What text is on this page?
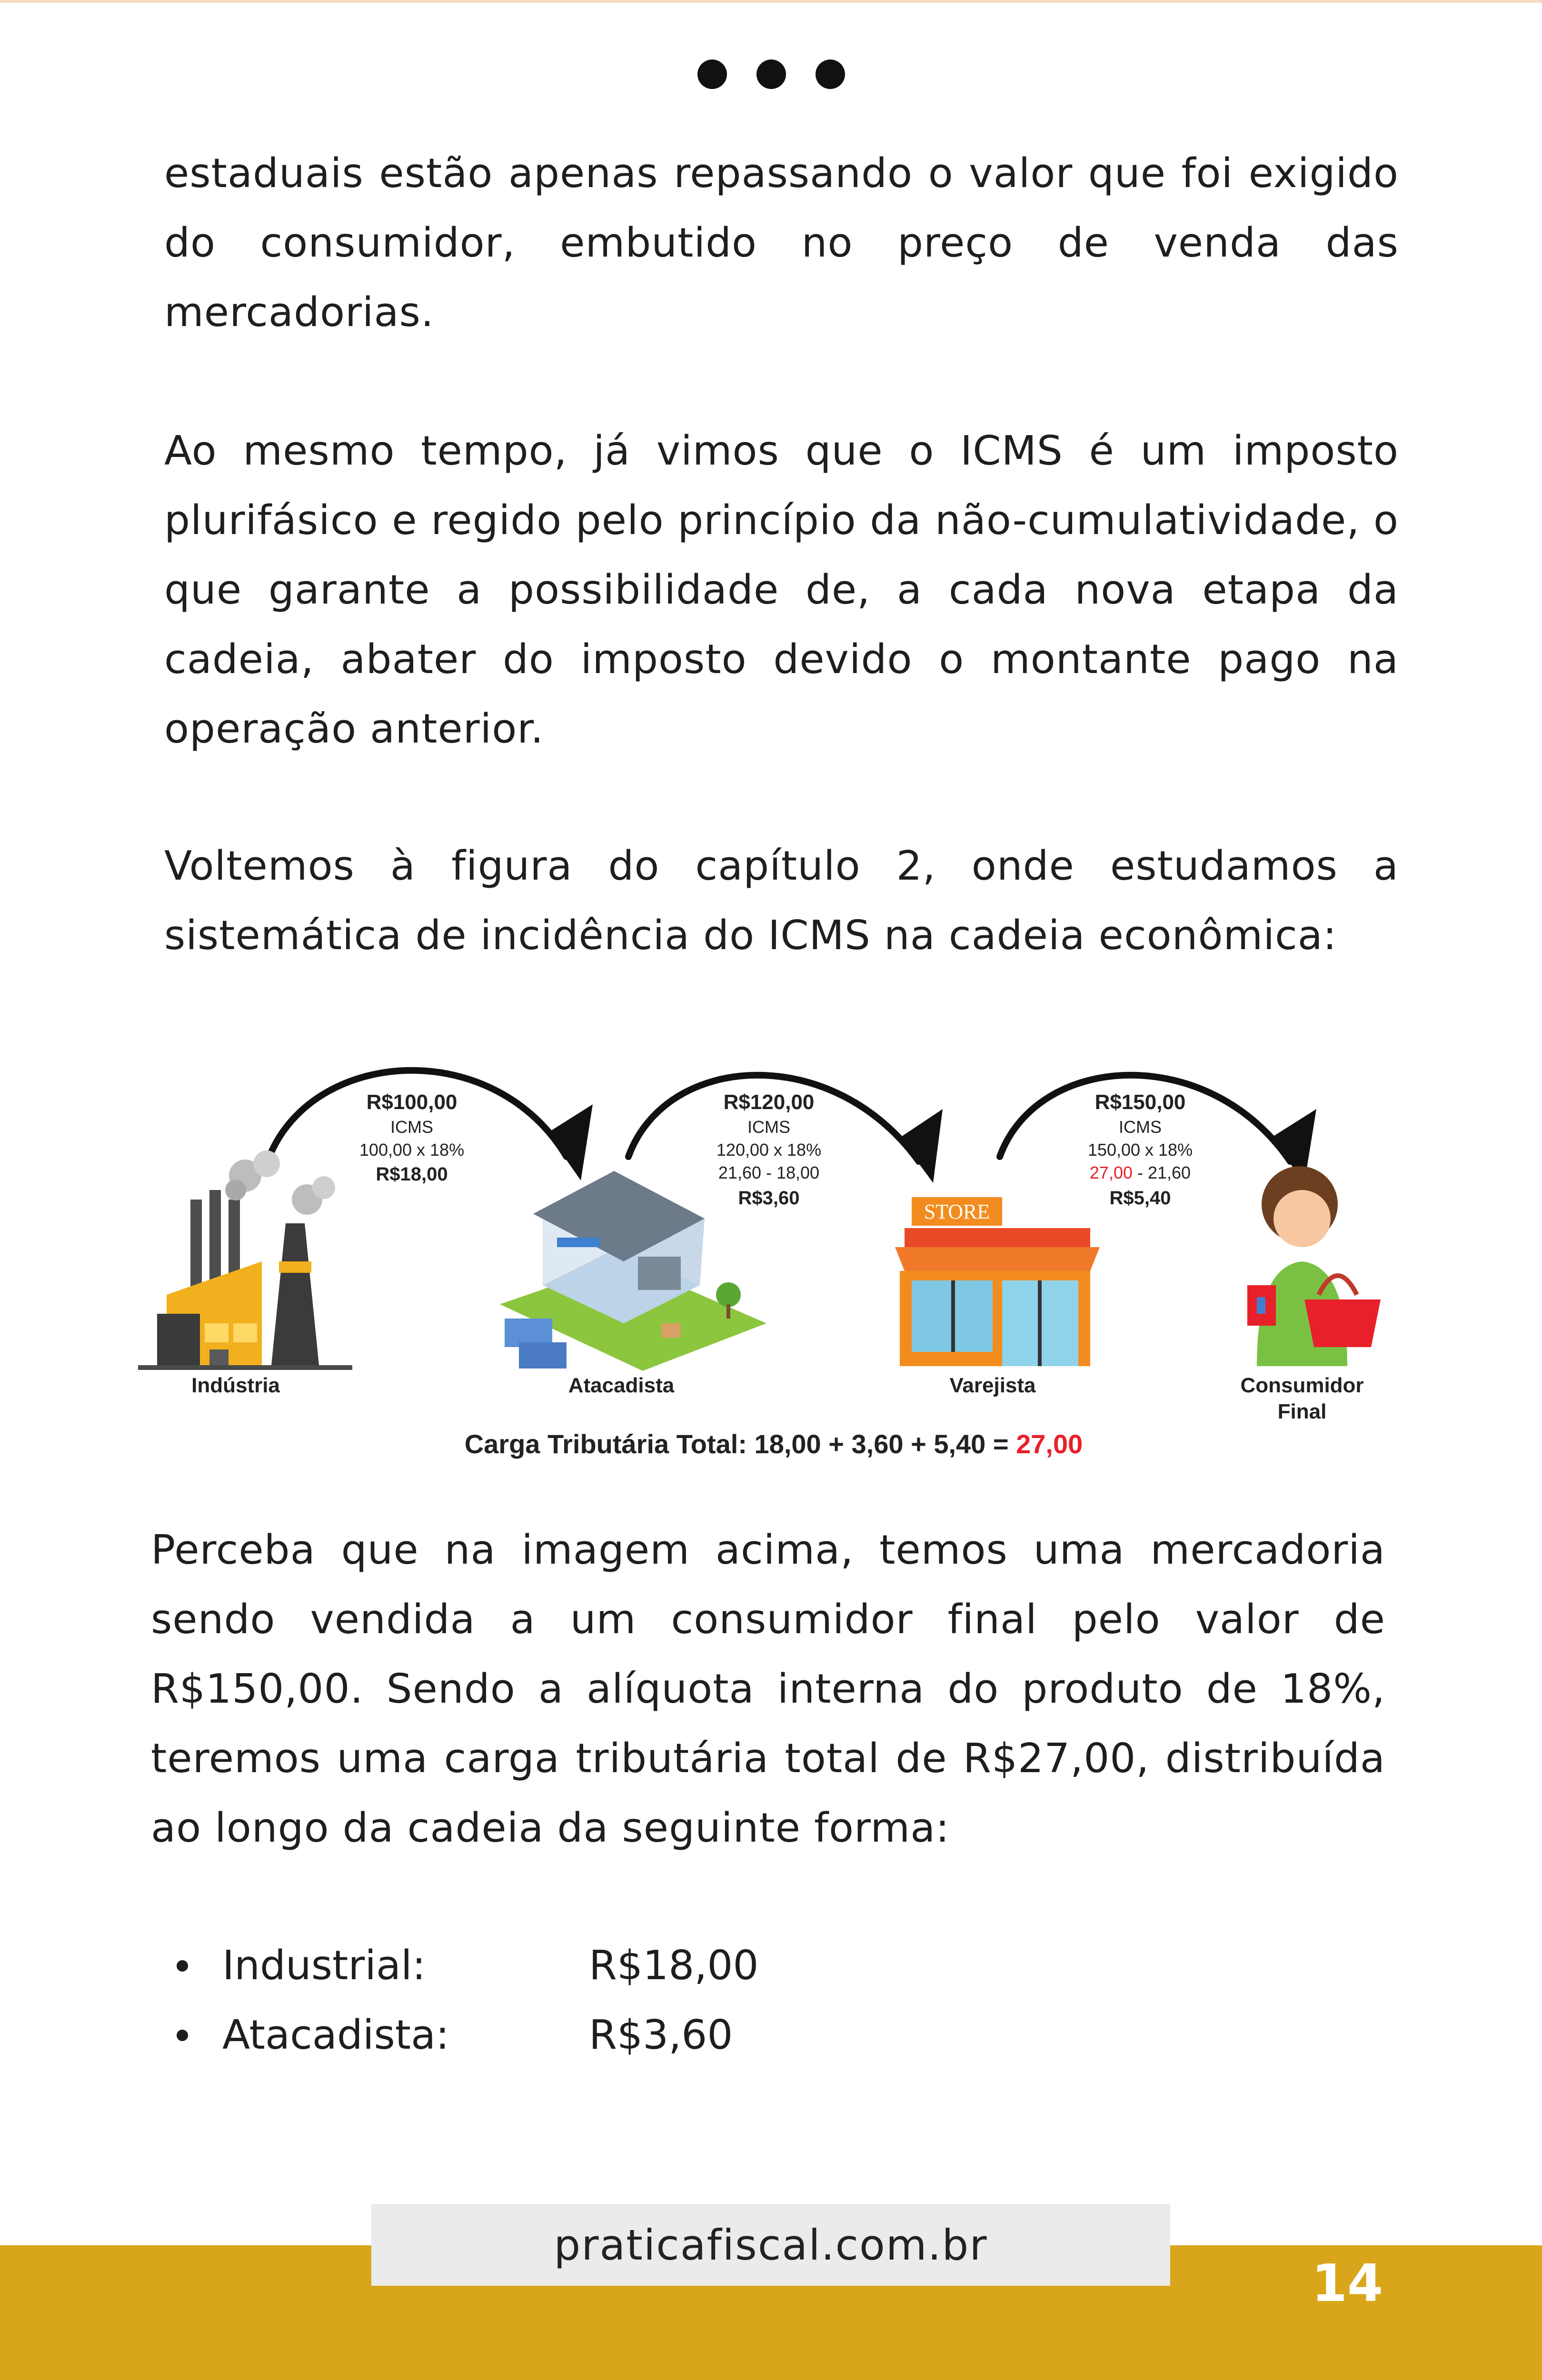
estaduais estão apenas repassando o valor que foi exigido do consumidor, embutido no preço de venda das mercadorias.

Ao mesmo tempo, já vimos que o ICMS é um imposto plurifásico e regido pelo princípio da não-cumulatividade, o que garante a possibilidade de, a cada nova etapa da cadeia, abater do imposto devido o montante pago na operação anterior.

Voltemos à figura do capítulo 2, onde estudamos a sistemática de incidência do ICMS na cadeia econômica:

R$100,00
ICMS
100,00 x 18%
R$18,00
R$120,00
ICMS
120,00 x 18%
21,60 - 18,00
R$3,60
R$150,00
ICMS
150,00 x 18%
27,00 - 21,60
R$5,40
STORE
Indústria	Atacadista	Varejista	Consumidor
Final
Carga Tributária Total: 18,00 + 3,60 + 5,40 = 27,00

Perceba que na imagem acima, temos uma mercadoria sendo vendida a um consumidor final pelo valor de R$150,00. Sendo a alíquota interna do produto de 18%, teremos uma carga tributária total de R$27,00, distribuída ao longo da cadeia da seguinte forma:

Industrial:	R$18,00
Atacadista:	R$3,60
praticafiscal.com.br
14
